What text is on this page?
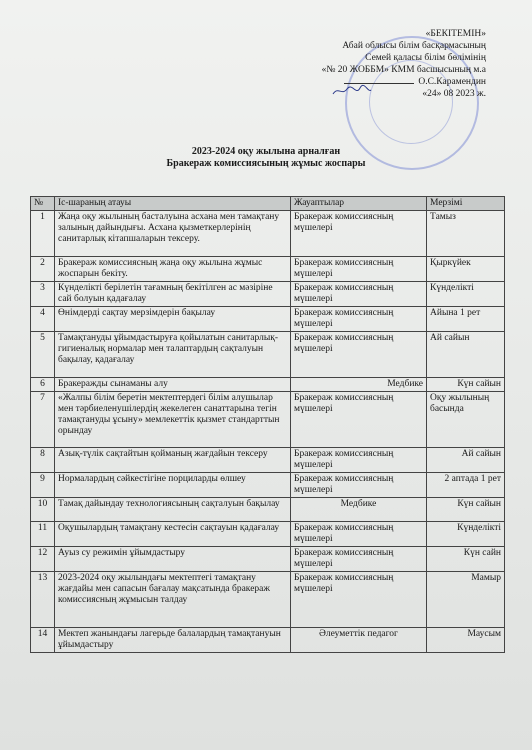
«БЕКІТЕМІН»
Абай облысы білім басқармасының
Семей қаласы білім бөлімінің
«№ 20 ЖОББМ» КММ басшысының м.а
О.С.Карамендин
«24» 08 2023 ж.
2023-2024 оқу жылына арналған
Бракераж комиссиясының жұмыс жоспары
№	Іс-шараның атауы	Жауаптылар	Мерзімі
1	Жаңа оқу жылының басталуына асхана мен тамақтану залының дайындығы. Асхана қызметкерлерінің санитарлық кітапшаларын тексеру.	Бракераж комиссиясның мүшелері	Тамыз
2	Бракераж комиссиясның жаңа оқу жылына жұмыс жоспарын бекіту.	Бракераж комиссиясның мүшелері	Қыркүйек
3	Күнделікті берілетін тағамның бекітілген ас мәзіріне сай болуын қадағалау	Бракераж комиссиясның мүшелері	Күнделікті
4	Өнімдерді сақтау мерзімдерін бақылау	Бракераж комиссиясның мүшелері	Айына 1 рет
5	Тамақтануды ұйымдастыруға қойылатын санитарлық-гигиеналық нормалар мен талаптардың сақталуын бақылау, қадағалау	Бракераж комиссиясның мүшелері	Ай сайын
6	Бракеражды сынаманы алу	Медбике	Күн сайын
7	«Жалпы білім беретін мектептердегі білім алушылар мен тәрбиеленушілердің жекелеген санаттарына тегін тамақтануды ұсыну» мемлекеттік қызмет стандарттын орындау	Бракераж комиссиясның мүшелері	Оқу жылының басында
8	Азық-түлік сақтайтын қойманың жағдайын тексеру	Бракераж комиссиясның мүшелері	Ай сайын
9	Нормалардың сәйкестігіне порциларды өлшеу	Бракераж комиссиясның мүшелері	2 аптада 1 рет
10	Тамақ дайындау технологиясының сақталуын бақылау	Медбике	Күн сайын
11	Оқушылардың тамақтану кестесін сақтауын қадағалау	Бракераж комиссиясның мүшелері	Күнделікті
12	Ауыз су режимін ұйымдастыру	Бракераж комиссиясның мүшелері	Күн сайн
13	2023-2024 оқу жылындағы мектептегі тамақтану жағдайы мен сапасын бағалау мақсатында бракераж комиссиясның жұмысын талдау	Бракераж комиссиясның мүшелері	Мамыр
14	Мектеп жанындағы лагерьде балалардың тамақтануын ұйымдастыру	Әлеуметтік педагог	Маусым
